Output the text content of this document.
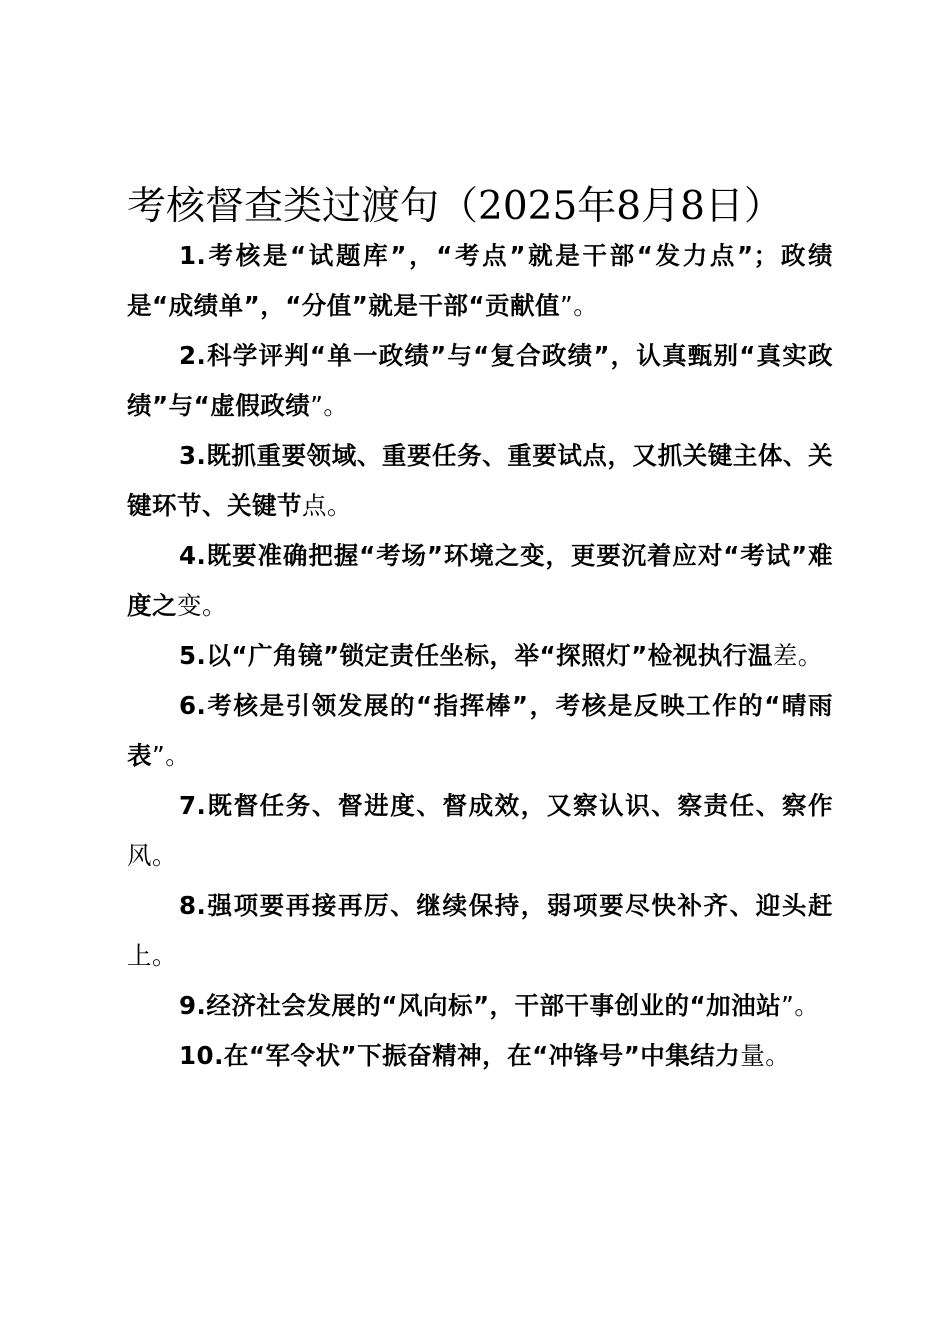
考核督查类过渡句（2025年8月8日）

1.考核是“试题库”，“考点”就是干部“发力点”；政绩是“成绩单”，“分值”就是干部“贡献值”。

2.科学评判“单一政绩”与“复合政绩”，认真甄别“真实政绩”与“虚假政绩”。

3.既抓重要领域、重要任务、重要试点，又抓关键主体、关键环节、关键节点。

4.既要准确把握“考场”环境之变，更要沉着应对“考试”难度之变。

5.以“广角镜”锁定责任坐标，举“探照灯”检视执行温差。

6.考核是引领发展的“指挥棒”，考核是反映工作的“晴雨表”。

7.既督任务、督进度、督成效，又察认识、察责任、察作风。

8.强项要再接再厉、继续保持，弱项要尽快补齐、迎头赶上。

9.经济社会发展的“风向标”，干部干事创业的“加油站”。

10.在“军令状”下振奋精神，在“冲锋号”中集结力量。
